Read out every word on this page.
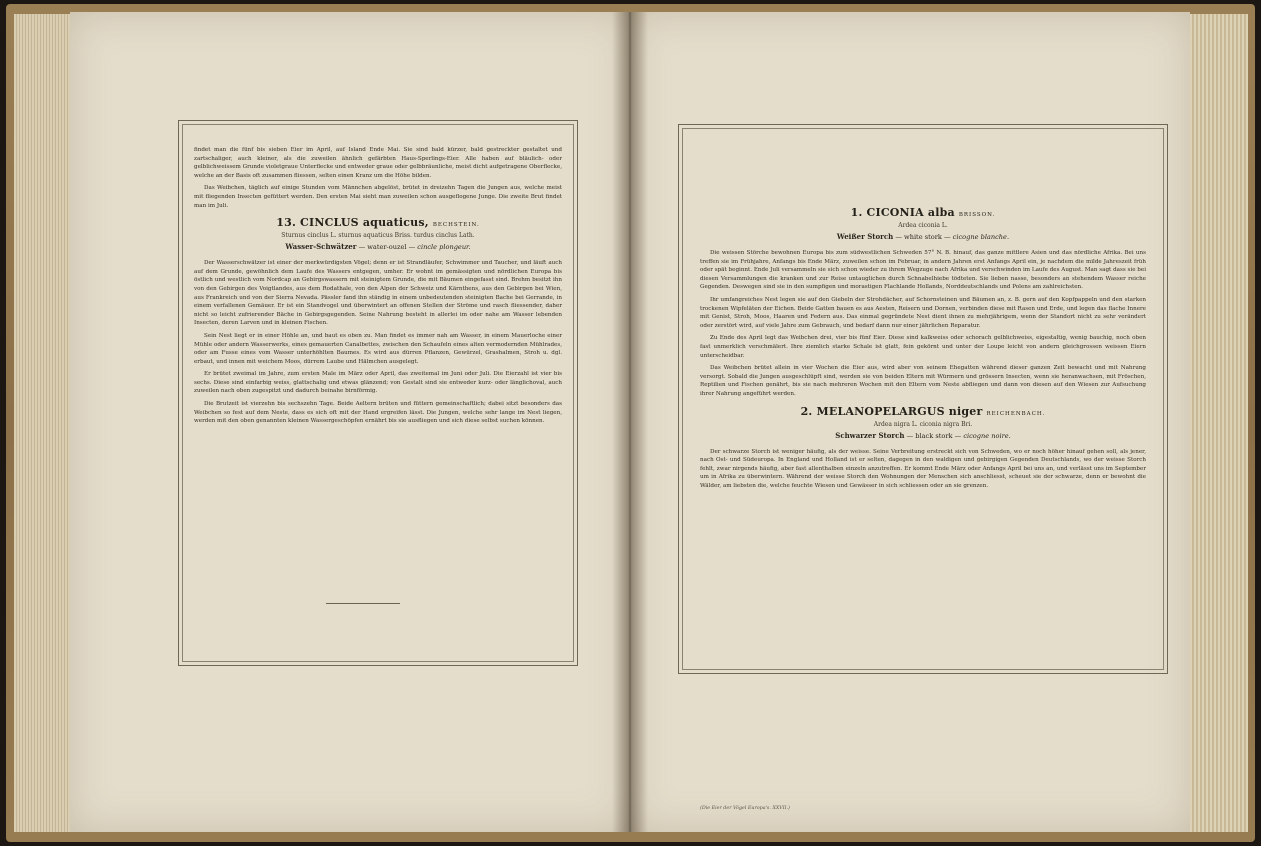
findet man die fünf bis sieben Eier im April, auf Island Ende Mai. Sie sind bald kürzer, bald gestreckter gestaltet und zartschaliger, auch kleiner, als die zuweilen ähnlich gefärbten Haus-Sperlings-Eier. Alle haben auf bläulich- oder gelblichweissem Grunde violetgraue Unterflecke und entweder graue oder gelbbräunliche, meist dicht aufgetragene Oberflecke, welche an der Basis oft zusammen fliessen, selten einen Kranz um die Höhe bilden.

Das Weibchen, täglich auf einige Stunden vom Männchen abgelöst, brütet in dreizehn Tagen die Jungen aus, welche meist mit fliegenden Insecten gefüttert werden. Den ersten Mai sieht man zuweilen schon ausgeflogene Junge. Die zweite Brut findet man im Juli.

13. CINCLUS aquaticus, BECHSTEIN.
Sturnus cinclus L. sturnus aquaticus Briss. turdus cinclus Lath.
Wasser-Schwätzer — water-ouzel — cincle plongeur.

Der Wasserschwätzer ist einer der merkwürdigsten Vögel; denn er ist Strandläufer, Schwimmer und Taucher, und läuft auch auf dem Grunde, gewöhnlich dem Laufe des Wassers entgegen, umher. Er wohnt im gemässigten und nördlichen Europa bis östlich und westlich vom Nordcap an Gebirgswassern mit steinigtem Grunde, die mit Bäumen eingefasst sind. Brehm besitzt ihn von den Gebirgen des Voigtlandes, aus dem Rodathale, von den Alpen der Schweiz und Kärnthens, aus den Gebirgen bei Wien, aus Frankreich und von der Sierra Nevada. Pässler fand ihn ständig in einem unbedeutenden steinigten Bache bei Gerrande, in einem verfallenen Gemäuer. Er ist ein Standvogel und überwintert an offenen Stellen der Ströme und rasch fliessender, daher nicht so leicht zufrierender Bäche in Gebirgsgegenden. Seine Nahrung besteht in allerlei im oder nahe am Wasser lebenden Insecten, deren Larven und in kleinen Fischen.

Sein Nest liegt er in einer Höhle an, und baut es oben zu. Man findet es immer nah am Wasser, in einem Mauerloche einer Mühle oder andern Wasserwerks, eines gemauerten Canalbettes, zwischen den Schaufeln eines alten vermodernden Mühlrades, oder am Fusse eines vom Wasser unterhöhlten Baumes. Es wird aus dürren Pflanzen, Gewürzel, Grashalmen, Stroh u. dgl. erbaut, und innen mit weichem Moos, dürrem Laube und Hälmchen ausgelegt.

Er brütet zweimal im Jahre, zum ersten Male im März oder April, das zweitemal im Juni oder Juli. Die Eierzahl ist vier bis sechs. Diese sind einfarbig weiss, glattschalig und etwas glänzend; von Gestalt sind sie entweder kurz- oder länglichoval, auch zuweilen nach oben zugespitzt und dadurch beinahe birnförmig.

Die Brutzeit ist vierzehn bis sechszehn Tage. Beide Aeltern brüten und füttern gemeinschaftlich; dabei sitzt besonders das Weibchen so fest auf dem Neste, dass es sich oft mit der Hand ergreifen lässt. Die Jungen, welche sehr lange im Nest liegen, werden mit den oben genannten kleinen Wassergeschöpfen ernährt bis sie ausfliegen und sich diese selbst suchen können.

1. CICONIA alba BRISSON.
Ardea ciconia L.
Weißer Storch — white stork — cicogne blanche.

Die weissen Störche bewohnen Europa bis zum südwestlichen Schweden 57° N. B. hinauf, das ganze mittlere Asien und das nördliche Afrika. Bei uns treffen sie im Frühjahre, Anfangs bis Ende März, zuweilen schon im Februar, in andern Jahren erst Anfangs April ein, je nachdem die milde Jahreszeit früh oder spät beginnt. Ende Juli versammeln sie sich schon wieder zu ihrem Wegzuge nach Afrika und verschwinden im Laufe des August. Man sagt dass sie bei diesen Versammlungen die kranken und zur Reise untauglichen durch Schnabelhiebe tödteten. Sie lieben nasse, besonders an stehendem Wasser reiche Gegenden. Deswegen sind sie in den sumpfigen und morastigen Flachlande Hollands, Norddeutschlands und Polens am zahlreichsten.

Ihr umfangreiches Nest legen sie auf den Giebeln der Strohdächer, auf Schornsteinen und Bäumen an, z. B. gern auf den Kopfpappeln und den starken trockenen Wipfeläten der Eichen. Beide Gatten bauen es aus Aesten, Reisern und Dornen, verbinden diese mit Rasen und Erde, und legen das flache Innere mit Genist, Stroh, Moos, Haaren und Federn aus. Das einmal gegründete Nest dient ihnen zu mehrjährigem, wenn der Standort nicht zu sehr verändert oder zerstört wird, auf viele Jahre zum Gebrauch, und bedarf dann nur einer jährlichen Reparatur.

Zu Ende des April legt das Weibchen drei, vier bis fünf Eier. Diese sind kalkweiss oder schorach gelblichweiss, eigestaltig, wenig bauchig, noch oben fast unmerklich verschmälert. Ihre ziemlich starke Schale ist glatt, fein gekörnt und unter der Loupe leicht von andern gleichgrossen weissen Eiern unterscheidbar.

Das Weibchen brütet allein in vier Wochen die Eier aus, wird aber von seinem Ehegatten während dieser ganzen Zeit bewacht und mit Nahrung versorgt. Sobald die Jungen ausgeschlüpft sind, werden sie von beiden Eltern mit Würmern und grössern Insecten, wenn sie heranwachsen, mit Fröschen, Reptilien und Fischen genährt, bis sie nach mehreren Wochen mit den Eltern vom Neste abfliegen und dann von diesen auf den Wiesen zur Aufsuchung ihrer Nahrung angeführt werden.

2. MELANOPELARGUS niger REICHENBACH.
Ardea nigra L. ciconia nigra Bri.
Schwarzer Storch — black stork — cicogne noire.

Der schwarze Storch ist weniger häufig, als der weisse. Seine Verbreitung erstreckt sich von Schweden, wo er noch höher hinauf gehen soll, als jener, nach Ost- und Südeuropa. In England und Holland ist er selten, dagegen in den waldigen und gebirgigen Gegenden Deutschlands, wo der weisse Storch fehlt, zwar nirgends häufig, aber fast allenthalben einzeln anzutreffen. Er kommt Ende März oder Anfangs April bei uns an, und verlässt uns im September um in Afrika zu überwintern. Während der weisse Storch den Wohnungen der Menschen sich anschliesst, scheuet sie der schwarze, denn er bewohnt die Wälder, am liebsten die, welche feuchte Wiesen und Gewässer in sich schliessen oder an sie grenzen.

(Die Eier der Vögel Europa's. XXVII.)
